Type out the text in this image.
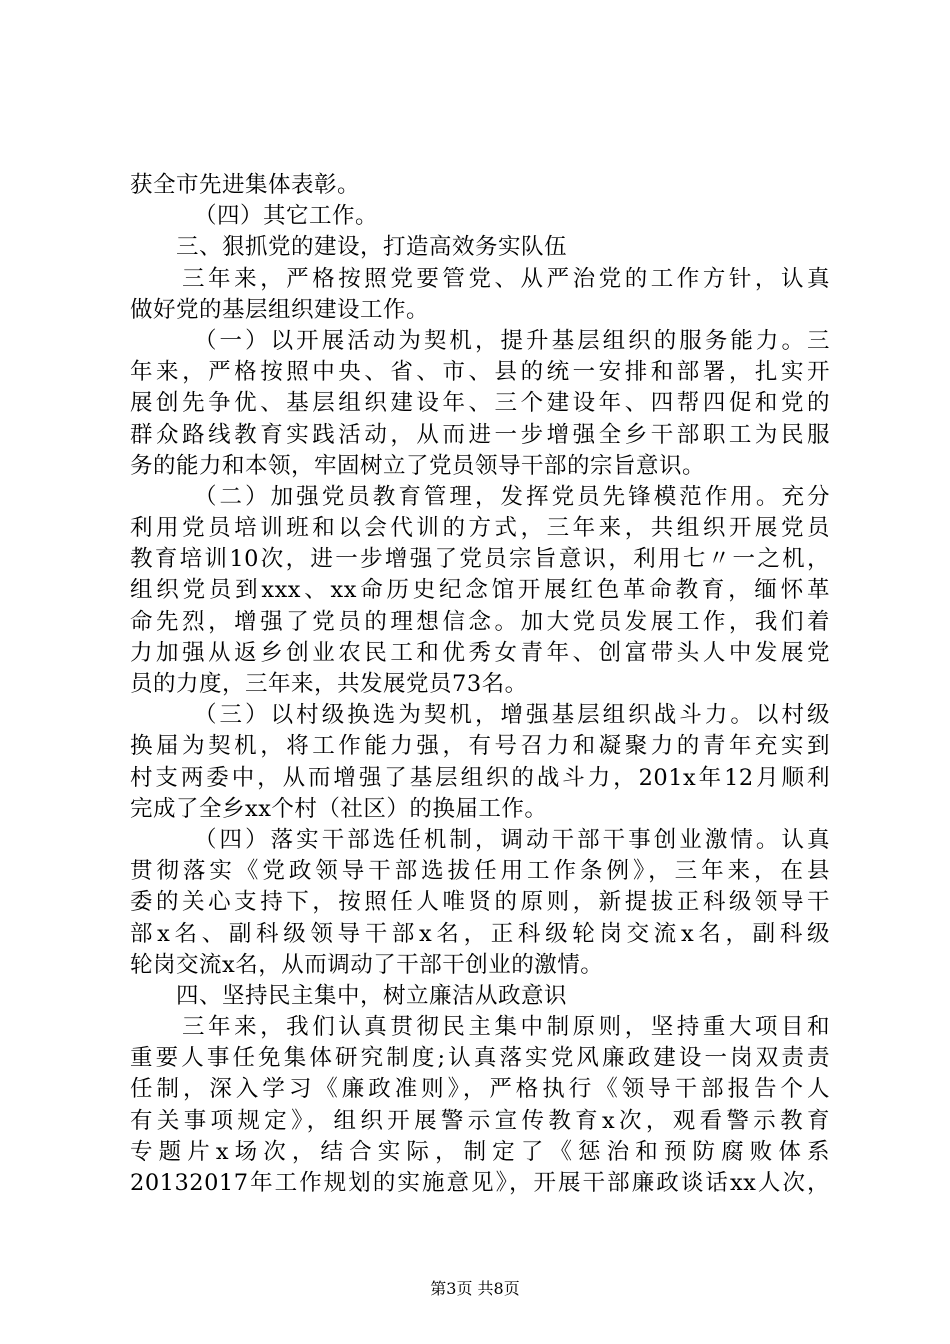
获全市先进集体表彰。
（四）其它工作。
三、狠抓党的建设，打造高效务实队伍
三年来，严格按照党要管党、从严治党的工作方针，认真
做好党的基层组织建设工作。
（一）以开展活动为契机，提升基层组织的服务能力。三
年来，严格按照中央、省、市、县的统一安排和部署，扎实开
展创先争优、基层组织建设年、三个建设年、四帮四促和党的
群众路线教育实践活动，从而进一步增强全乡干部职工为民服
务的能力和本领，牢固树立了党员领导干部的宗旨意识。
（二）加强党员教育管理，发挥党员先锋模范作用。充分
利用党员培训班和以会代训的方式，三年来，共组织开展党员
教育培训10次，进一步增强了党员宗旨意识，利用七〃一之机，
组织党员到xxx、xx命历史纪念馆开展红色革命教育，缅怀革
命先烈，增强了党员的理想信念。加大党员发展工作，我们着
力加强从返乡创业农民工和优秀女青年、创富带头人中发展党
员的力度，三年来，共发展党员73名。
（三）以村级换选为契机，增强基层组织战斗力。以村级
换届为契机，将工作能力强，有号召力和凝聚力的青年充实到
村支两委中，从而增强了基层组织的战斗力，201x年12月顺利
完成了全乡xx个村（社区）的换届工作。
（四）落实干部选任机制，调动干部干事创业激情。认真
贯彻落实《党政领导干部选拔任用工作条例》，三年来，在县
委的关心支持下，按照任人唯贤的原则，新提拔正科级领导干
部x名、副科级领导干部x名，正科级轮岗交流x名，副科级
轮岗交流x名，从而调动了干部干创业的激情。
四、坚持民主集中，树立廉洁从政意识
三年来，我们认真贯彻民主集中制原则，坚持重大项目和
重要人事任免集体研究制度;认真落实党风廉政建设一岗双责责
任制，深入学习《廉政准则》，严格执行《领导干部报告个人
有关事项规定》，组织开展警示宣传教育x次，观看警示教育
专题片x场次，结合实际，制定了《惩治和预防腐败体系
20132017年工作规划的实施意见》，开展干部廉政谈话xx人次，
第3页 共8页
